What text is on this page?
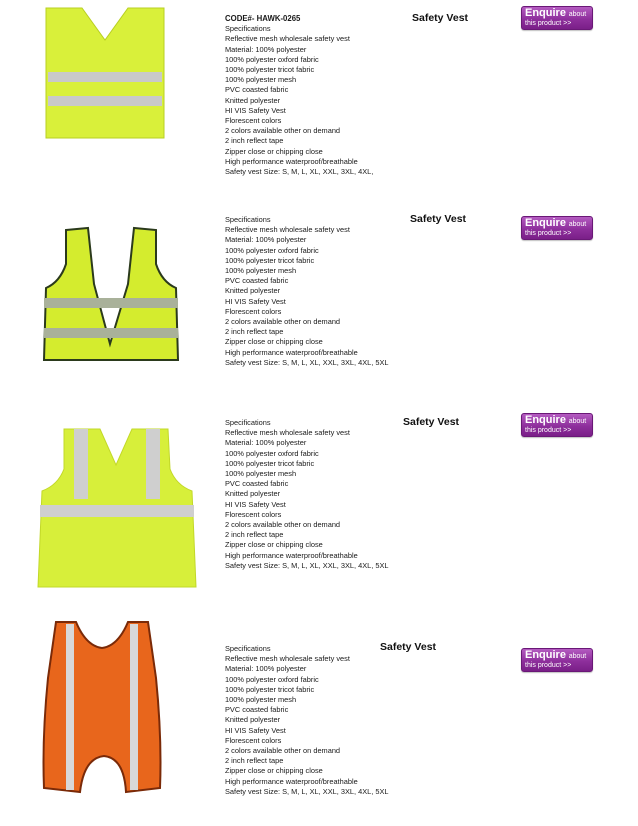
CODE#- HAWK-0265
Specifications
Reflective mesh wholesale safety vest
Material: 100% polyester
100% polyester oxford fabric
100% polyester tricot fabric
100% polyester mesh
PVC coasted fabric
Knitted polyester
HI VIS Safety Vest
Florescent colors
2 colors available other on demand
2 inch reflect tape
Zipper close or chipping close
High performance waterproof/breathable
Safety vest Size: S, M, L, XL, XXL, 3XL, 4XL,
Safety Vest	Enquire about
this product >>
Specifications
Reflective mesh wholesale safety vest
Material: 100% polyester
100% polyester oxford fabric
100% polyester tricot fabric
100% polyester mesh
PVC coasted fabric
Knitted polyester
HI VIS Safety Vest
Florescent colors
2 colors available other on demand
2 inch reflect tape
Zipper close or chipping close
High performance waterproof/breathable
Safety vest Size: S, M, L, XL, XXL, 3XL, 4XL, 5XL
Safety Vest	Enquire about
this product >>
Specifications
Reflective mesh wholesale safety vest
Material: 100% polyester
100% polyester oxford fabric
100% polyester tricot fabric
100% polyester mesh
PVC coasted fabric
Knitted polyester
HI VIS Safety Vest
Florescent colors
2 colors available other on demand
2 inch reflect tape
Zipper close or chipping close
High performance waterproof/breathable
Safety vest Size: S, M, L, XL, XXL, 3XL, 4XL, 5XL
Safety Vest	Enquire about
this product >>
Specifications
Reflective mesh wholesale safety vest
Material: 100% polyester
100% polyester oxford fabric
100% polyester tricot fabric
100% polyester mesh
PVC coasted fabric
Knitted polyester
HI VIS Safety Vest
Florescent colors
2 colors available other on demand
2 inch reflect tape
Zipper close or chipping close
High performance waterproof/breathable
Safety vest Size: S, M, L, XL, XXL, 3XL, 4XL, 5XL
Safety Vest
Enquire about
this product >>
